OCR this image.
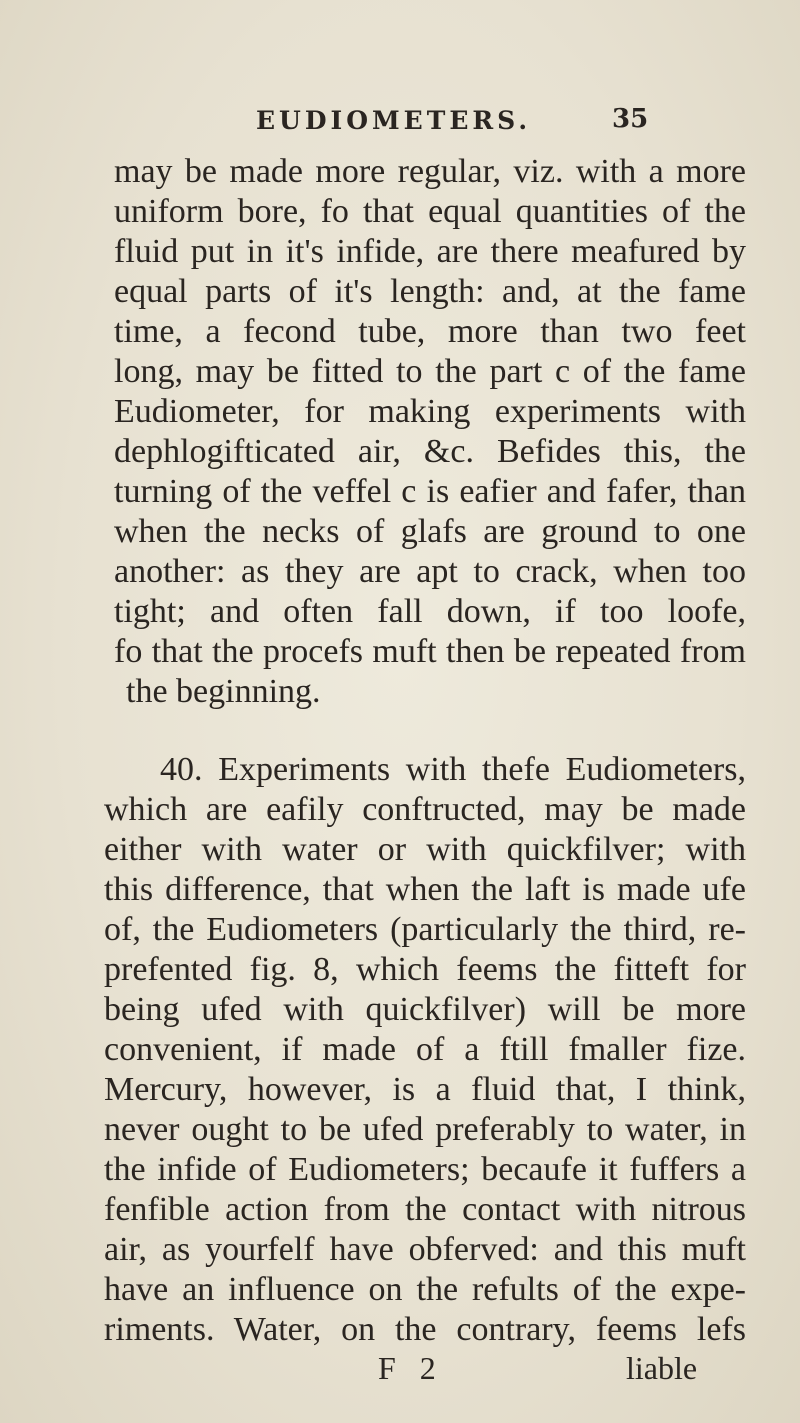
EUDIOMETERS.	35
may be made more regular, viz. with a more
uniform bore, fo that equal quantities of the
fluid put in it's infide, are there meafured by
equal parts of it's length: and, at the fame
time, a fecond tube, more than two feet
long, may be fitted to the part c of the fame
Eudiometer, for making experiments with
dephlogifticated air, &c. Befides this, the
turning of the veffel c is eafier and fafer, than
when the necks of glafs are ground to one
another: as they are apt to crack, when too
tight; and often fall down, if too loofe,
fo that the procefs muft then be repeated from
the beginning.
40. Experiments with thefe Eudiometers,
which are eafily conftructed, may be made
either with water or with quickfilver; with
this difference, that when the laft is made ufe
of, the Eudiometers (particularly the third, re-
prefented fig. 8, which feems the fitteft for
being ufed with quickfilver) will be more
convenient, if made of a ftill fmaller fize.
Mercury, however, is a fluid that, I think,
never ought to be ufed preferably to water, in
the infide of Eudiometers; becaufe it fuffers a
fenfible action from the contact with nitrous
air, as yourfelf have obferved: and this muft
have an influence on the refults of the expe-
riments. Water, on the contrary, feems lefs
F 2	liable
